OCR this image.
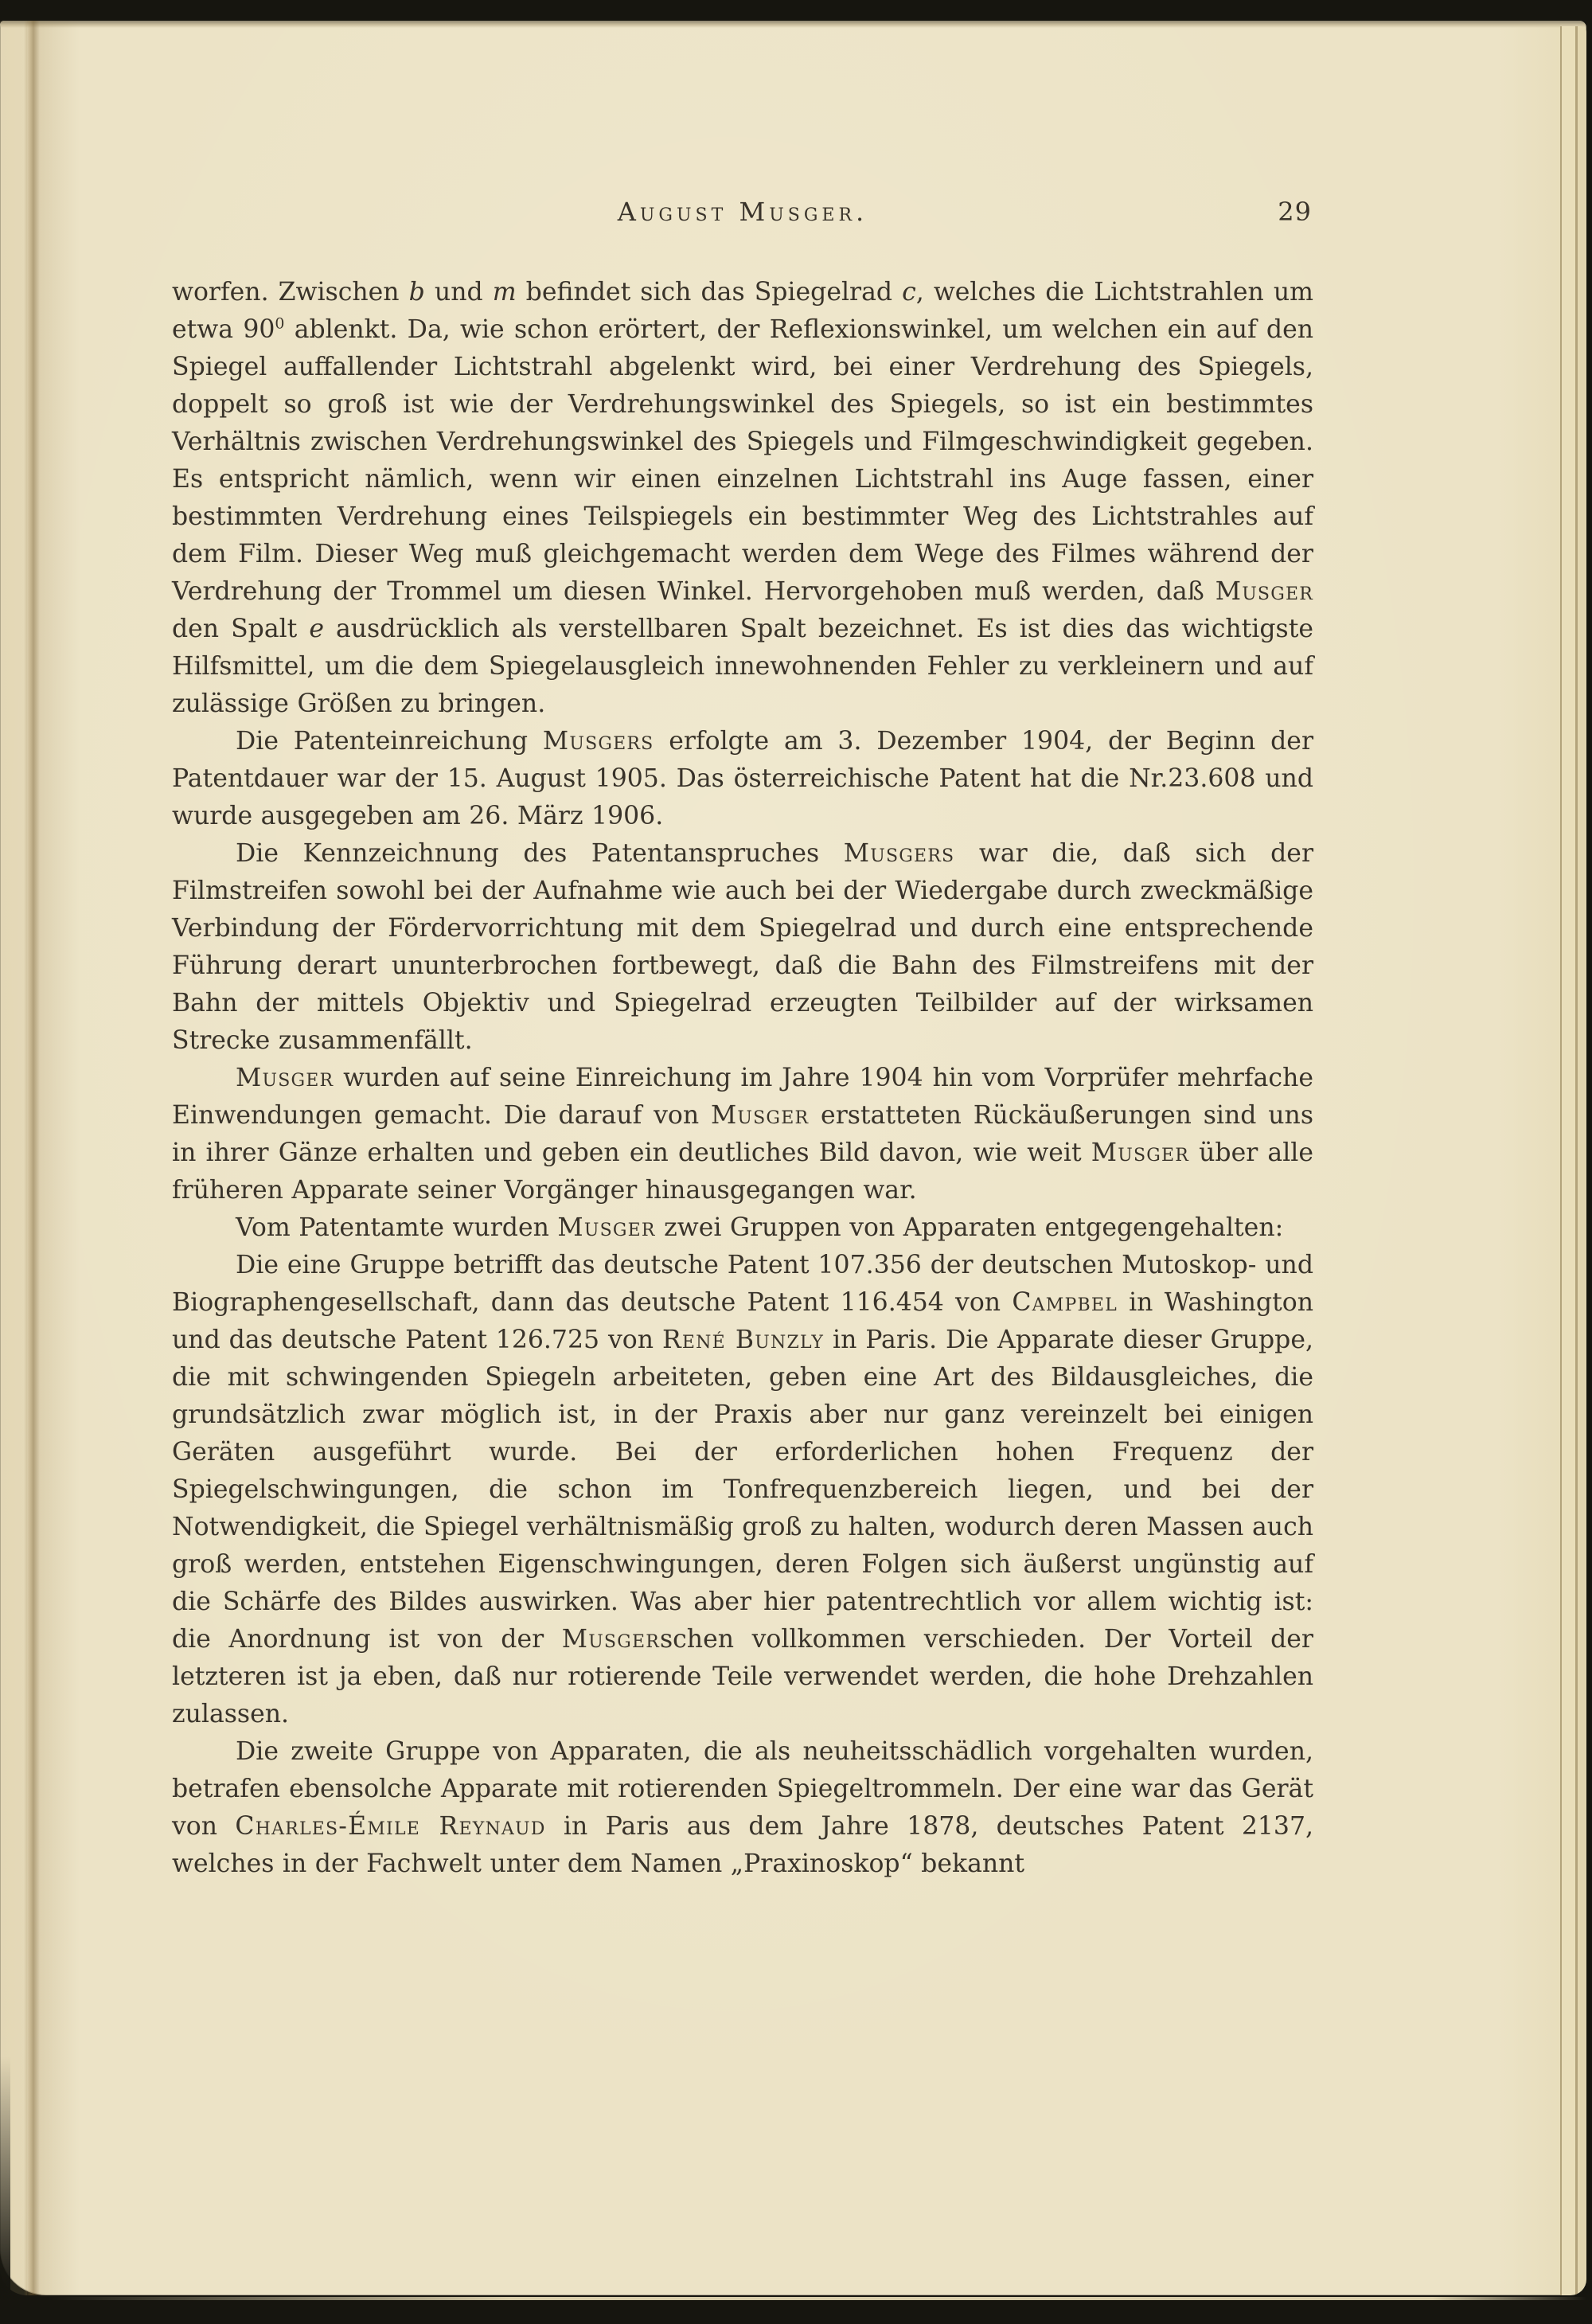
August Musger.	29

worfen. Zwischen b und m befindet sich das Spiegelrad c, welches die Lichtstrahlen um etwa $90^0$ ablenkt. Da, wie schon erörtert, der Reflexionswinkel, um welchen ein auf den Spiegel auffallender Lichtstrahl abgelenkt wird, bei einer Verdrehung des Spiegels, doppelt so groß ist wie der Verdrehungswinkel des Spiegels, so ist ein bestimmtes Verhältnis zwischen Verdrehungswinkel des Spiegels und Filmgeschwindigkeit gegeben. Es entspricht nämlich, wenn wir einen einzelnen Lichtstrahl ins Auge fassen, einer bestimmten Verdrehung eines Teilspiegels ein bestimmter Weg des Lichtstrahles auf dem Film. Dieser Weg muß gleichgemacht werden dem Wege des Filmes während der Verdrehung der Trommel um diesen Winkel. Hervorgehoben muß werden, daß Musger den Spalt e ausdrücklich als verstellbaren Spalt bezeichnet. Es ist dies das wichtigste Hilfsmittel, um die dem Spiegelausgleich innewohnenden Fehler zu verkleinern und auf zulässige Größen zu bringen.

Die Patenteinreichung Musgers erfolgte am 3. Dezember 1904, der Beginn der Patentdauer war der 15. August 1905. Das österreichische Patent hat die Nr.23.608 und wurde ausgegeben am 26. März 1906.

Die Kennzeichnung des Patentanspruches Musgers war die, daß sich der Filmstreifen sowohl bei der Aufnahme wie auch bei der Wiedergabe durch zweckmäßige Verbindung der Fördervorrichtung mit dem Spiegelrad und durch eine entsprechende Führung derart ununterbrochen fortbewegt, daß die Bahn des Filmstreifens mit der Bahn der mittels Objektiv und Spiegelrad erzeugten Teilbilder auf der wirksamen Strecke zusammenfällt.

Musger wurden auf seine Einreichung im Jahre 1904 hin vom Vorprüfer mehrfache Einwendungen gemacht. Die darauf von Musger erstatteten Rückäußerungen sind uns in ihrer Gänze erhalten und geben ein deutliches Bild davon, wie weit Musger über alle früheren Apparate seiner Vorgänger hinausgegangen war.

Vom Patentamte wurden Musger zwei Gruppen von Apparaten entgegengehalten:

Die eine Gruppe betrifft das deutsche Patent 107.356 der deutschen Mutoskop- und Biographengesellschaft, dann das deutsche Patent 116.454 von Campbel in Washington und das deutsche Patent 126.725 von René Bunzly in Paris. Die Apparate dieser Gruppe, die mit schwingenden Spiegeln arbeiteten, geben eine Art des Bildausgleiches, die grundsätzlich zwar möglich ist, in der Praxis aber nur ganz vereinzelt bei einigen Geräten ausgeführt wurde. Bei der erforderlichen hohen Frequenz der Spiegelschwingungen, die schon im Tonfrequenzbereich liegen, und bei der Notwendigkeit, die Spiegel verhältnismäßig groß zu halten, wodurch deren Massen auch groß werden, entstehen Eigenschwingungen, deren Folgen sich äußerst ungünstig auf die Schärfe des Bildes auswirken. Was aber hier patentrechtlich vor allem wichtig ist: die Anordnung ist von der Musgerschen vollkommen verschieden. Der Vorteil der letzteren ist ja eben, daß nur rotierende Teile verwendet werden, die hohe Drehzahlen zulassen.

Die zweite Gruppe von Apparaten, die als neuheitsschädlich vorgehalten wurden, betrafen ebensolche Apparate mit rotierenden Spiegeltrommeln. Der eine war das Gerät von Charles-Émile Reynaud in Paris aus dem Jahre 1878, deutsches Patent 2137, welches in der Fachwelt unter dem Namen „Praxinoskop“ bekannt
